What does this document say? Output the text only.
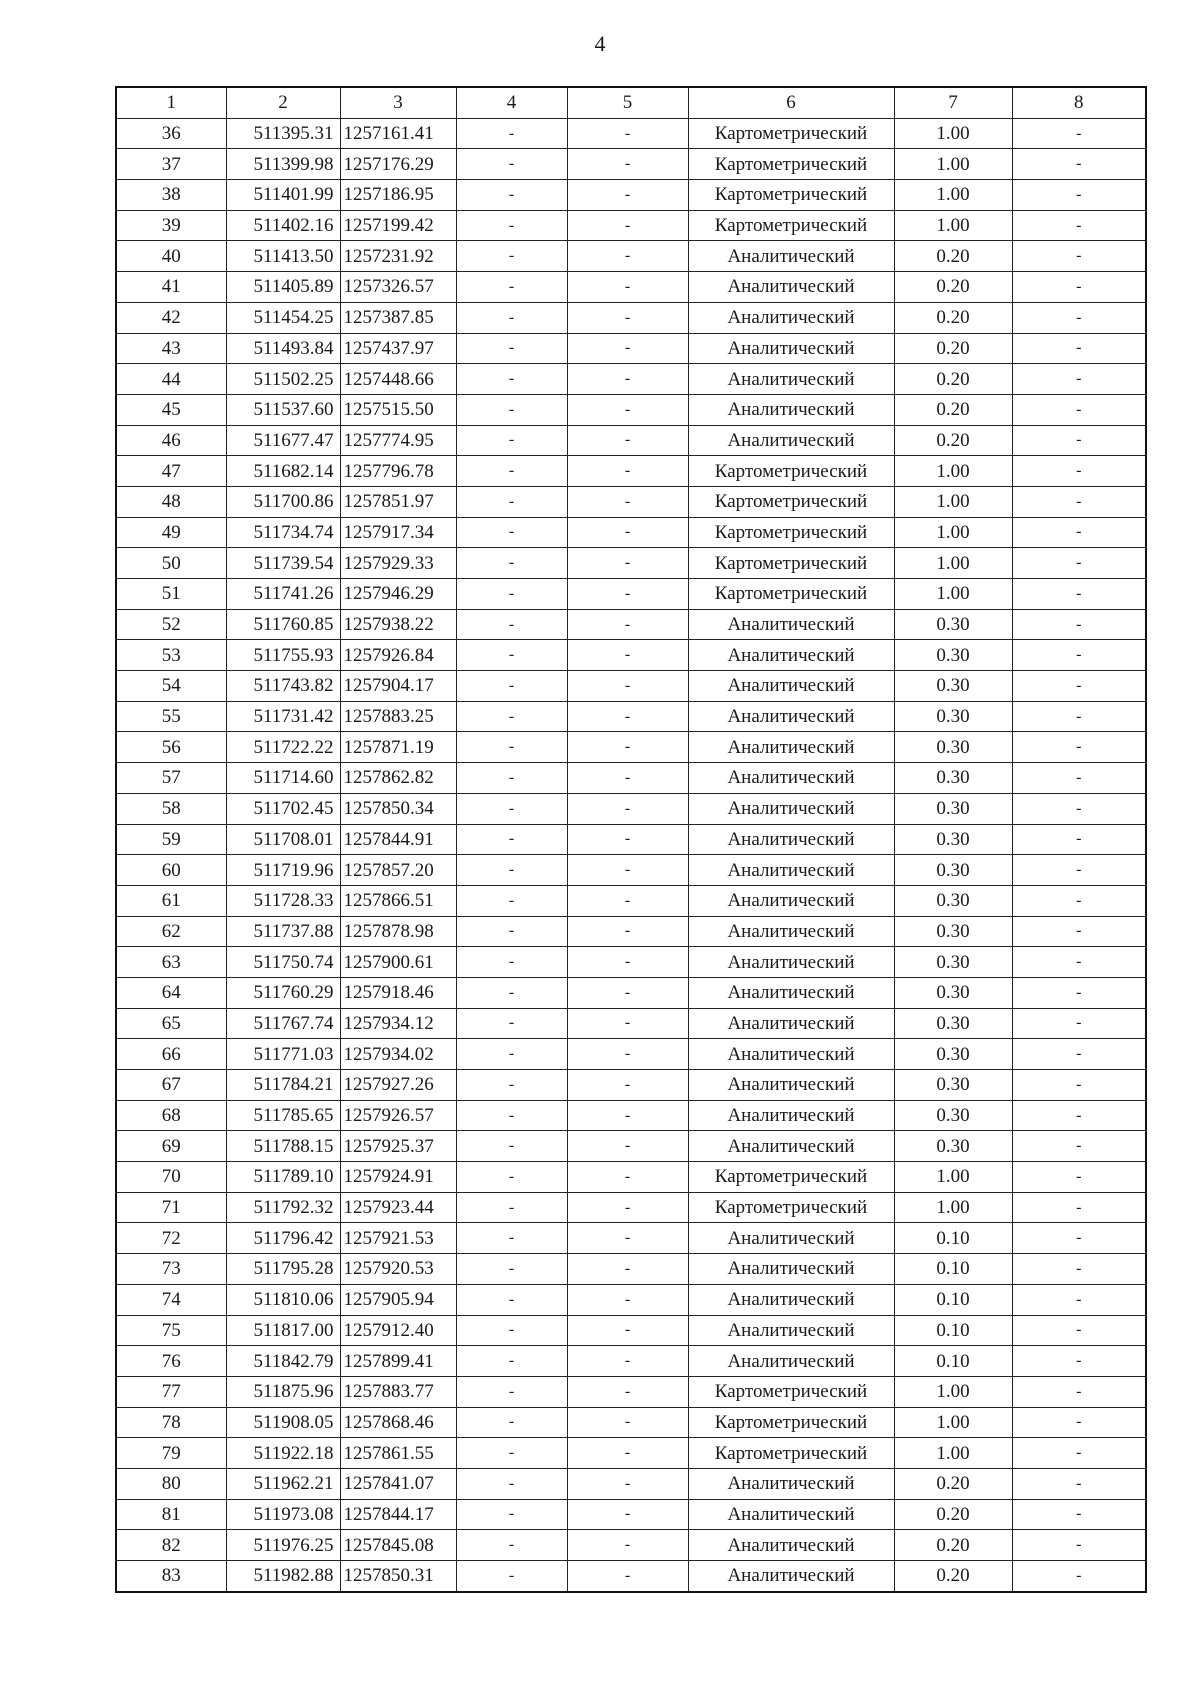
4
1	2	3	4	5	6	7	8
36	511395.31	1257161.41	-	-	Картометрический	1.00	-
37	511399.98	1257176.29	-	-	Картометрический	1.00	-
38	511401.99	1257186.95	-	-	Картометрический	1.00	-
39	511402.16	1257199.42	-	-	Картометрический	1.00	-
40	511413.50	1257231.92	-	-	Аналитический	0.20	-
41	511405.89	1257326.57	-	-	Аналитический	0.20	-
42	511454.25	1257387.85	-	-	Аналитический	0.20	-
43	511493.84	1257437.97	-	-	Аналитический	0.20	-
44	511502.25	1257448.66	-	-	Аналитический	0.20	-
45	511537.60	1257515.50	-	-	Аналитический	0.20	-
46	511677.47	1257774.95	-	-	Аналитический	0.20	-
47	511682.14	1257796.78	-	-	Картометрический	1.00	-
48	511700.86	1257851.97	-	-	Картометрический	1.00	-
49	511734.74	1257917.34	-	-	Картометрический	1.00	-
50	511739.54	1257929.33	-	-	Картометрический	1.00	-
51	511741.26	1257946.29	-	-	Картометрический	1.00	-
52	511760.85	1257938.22	-	-	Аналитический	0.30	-
53	511755.93	1257926.84	-	-	Аналитический	0.30	-
54	511743.82	1257904.17	-	-	Аналитический	0.30	-
55	511731.42	1257883.25	-	-	Аналитический	0.30	-
56	511722.22	1257871.19	-	-	Аналитический	0.30	-
57	511714.60	1257862.82	-	-	Аналитический	0.30	-
58	511702.45	1257850.34	-	-	Аналитический	0.30	-
59	511708.01	1257844.91	-	-	Аналитический	0.30	-
60	511719.96	1257857.20	-	-	Аналитический	0.30	-
61	511728.33	1257866.51	-	-	Аналитический	0.30	-
62	511737.88	1257878.98	-	-	Аналитический	0.30	-
63	511750.74	1257900.61	-	-	Аналитический	0.30	-
64	511760.29	1257918.46	-	-	Аналитический	0.30	-
65	511767.74	1257934.12	-	-	Аналитический	0.30	-
66	511771.03	1257934.02	-	-	Аналитический	0.30	-
67	511784.21	1257927.26	-	-	Аналитический	0.30	-
68	511785.65	1257926.57	-	-	Аналитический	0.30	-
69	511788.15	1257925.37	-	-	Аналитический	0.30	-
70	511789.10	1257924.91	-	-	Картометрический	1.00	-
71	511792.32	1257923.44	-	-	Картометрический	1.00	-
72	511796.42	1257921.53	-	-	Аналитический	0.10	-
73	511795.28	1257920.53	-	-	Аналитический	0.10	-
74	511810.06	1257905.94	-	-	Аналитический	0.10	-
75	511817.00	1257912.40	-	-	Аналитический	0.10	-
76	511842.79	1257899.41	-	-	Аналитический	0.10	-
77	511875.96	1257883.77	-	-	Картометрический	1.00	-
78	511908.05	1257868.46	-	-	Картометрический	1.00	-
79	511922.18	1257861.55	-	-	Картометрический	1.00	-
80	511962.21	1257841.07	-	-	Аналитический	0.20	-
81	511973.08	1257844.17	-	-	Аналитический	0.20	-
82	511976.25	1257845.08	-	-	Аналитический	0.20	-
83	511982.88	1257850.31	-	-	Аналитический	0.20	-
